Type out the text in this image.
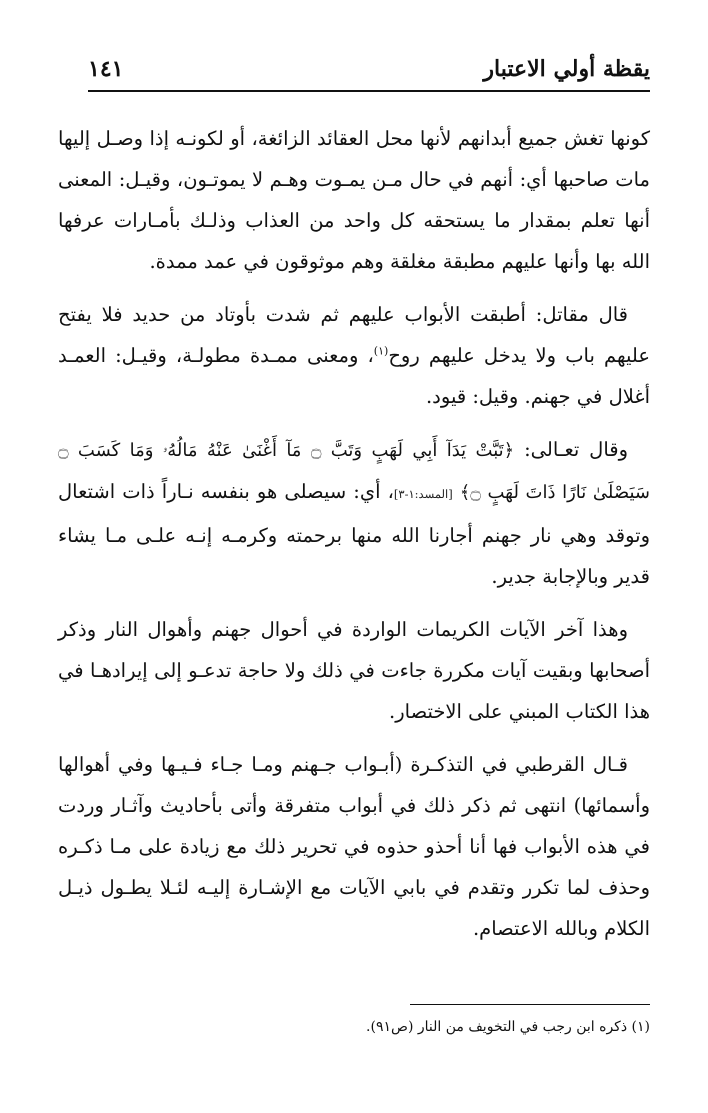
يقظة أولي الاعتبار
١٤١

كونها تغش جميع أبدانهم لأنها محل العقائد الزائغة، أو لكونـه إذا وصـل إليها مات صاحبها أي: أنهم في حال مـن يمـوت وهـم لا يموتـون، وقيـل: المعنى أنها تعلم بمقدار ما يستحقه كل واحد من العذاب وذلـك بأمـارات عرفها الله بها وأنها عليهم مطبقة مغلقة وهم موثوقون في عمد ممدة.

قال مقاتل: أطبقت الأبواب عليهم ثم شدت بأوتاد من حديد فلا يفتح عليهم باب ولا يدخل عليهم روح$^{(١)}$، ومعنى ممـدة مطولـة، وقيـل: العمـد أغلال في جهنم. وقيل: قيود.

وقال تعـالى: ﴿تَبَّتْ يَدَآ أَبِي لَهَبٍ وَتَبَّ ۝ مَآ أَغْنَىٰ عَنْهُ مَالُهُۥ وَمَا كَسَبَ ۝ سَيَصْلَىٰ نَارًا ذَاتَ لَهَبٍ ۝﴾ [المسد:١-٣]، أي: سيصلى هو بنفسه نـاراً ذات اشتعال وتوقد وهي نار جهنم أجارنا الله منها برحمته وكرمـه إنـه علـى مـا يشاء قدير وبالإجابة جدير.

وهذا آخر الآيات الكريمات الواردة في أحوال جهنم وأهوال النار وذكر أصحابها وبقيت آيات مكررة جاءت في ذلك ولا حاجة تدعـو إلى إيرادهـا في هذا الكتاب المبني على الاختصار.

قـال القرطبي في التذكـرة (أبـواب جـهنم ومـا جـاء فـيـها وفي أهوالها وأسمائها) انتهى ثم ذكر ذلك في أبواب متفرقة وأتى بأحاديث وآثـار وردت في هذه الأبواب فها أنا أحذو حذوه في تحرير ذلك مع زيادة على مـا ذكـره وحذف لما تكرر وتقدم في بابي الآيات مع الإشـارة إليـه لئـلا يطـول ذيـل الكلام وبالله الاعتصام.

(١) ذكره ابن رجب في التخويف من النار (ص٩١).
